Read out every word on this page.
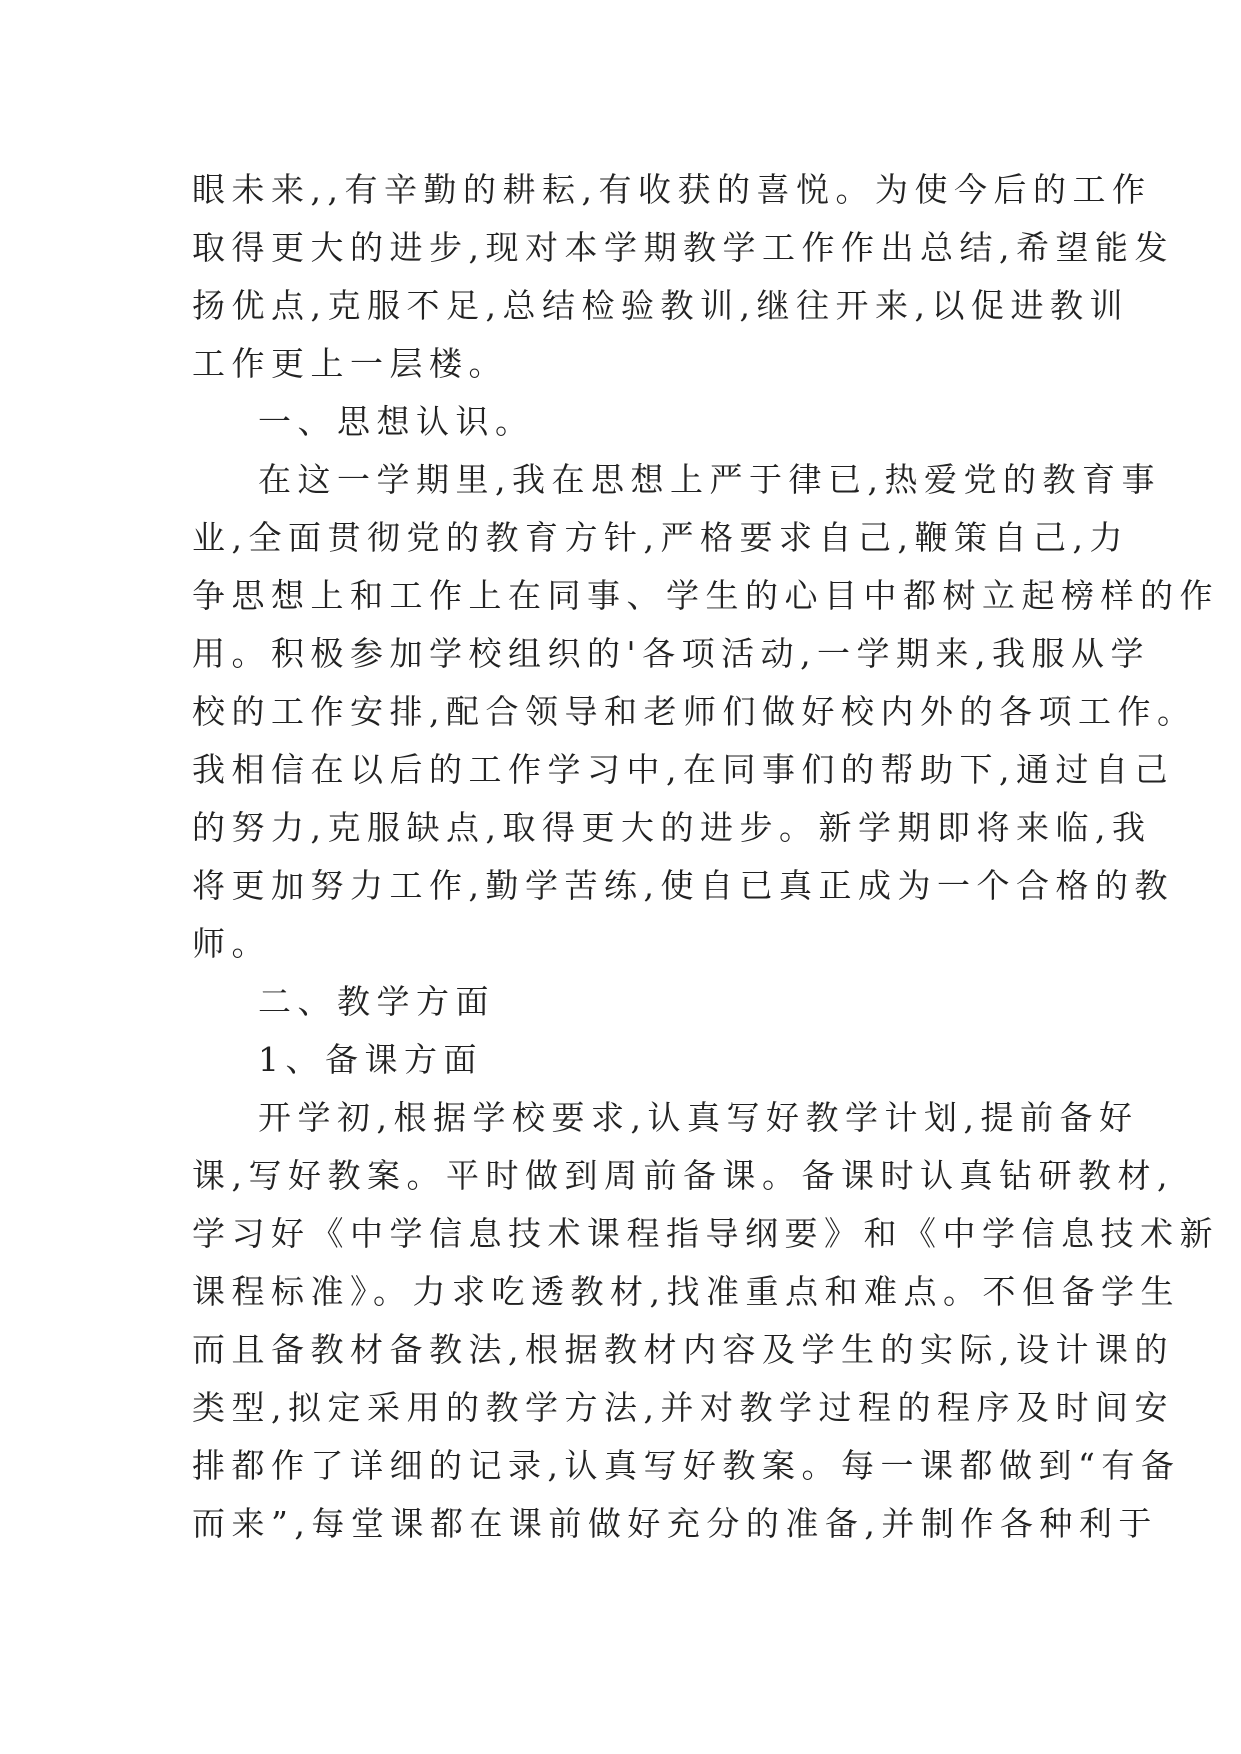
眼未来,,有辛勤的耕耘,有收获的喜悦。为使今后的工作
取得更大的进步,现对本学期教学工作作出总结,希望能发
扬优点,克服不足,总结检验教训,继往开来,以促进教训
工作更上一层楼。
一、思想认识。
在这一学期里,我在思想上严于律已,热爱党的教育事
业,全面贯彻党的教育方针,严格要求自己,鞭策自己,力
争思想上和工作上在同事、学生的心目中都树立起榜样的作
用。积极参加学校组织的'各项活动,一学期来,我服从学
校的工作安排,配合领导和老师们做好校内外的各项工作。
我相信在以后的工作学习中,在同事们的帮助下,通过自己
的努力,克服缺点,取得更大的进步。新学期即将来临,我
将更加努力工作,勤学苦练,使自已真正成为一个合格的教
师。
二、教学方面
1、备课方面
开学初,根据学校要求,认真写好教学计划,提前备好
课,写好教案。平时做到周前备课。备课时认真钻研教材,
学习好《中学信息技术课程指导纲要》和《中学信息技术新
课程标准》。力求吃透教材,找准重点和难点。不但备学生
而且备教材备教法,根据教材内容及学生的实际,设计课的
类型,拟定采用的教学方法,并对教学过程的程序及时间安
排都作了详细的记录,认真写好教案。每一课都做到“有备
而来”,每堂课都在课前做好充分的准备,并制作各种利于
